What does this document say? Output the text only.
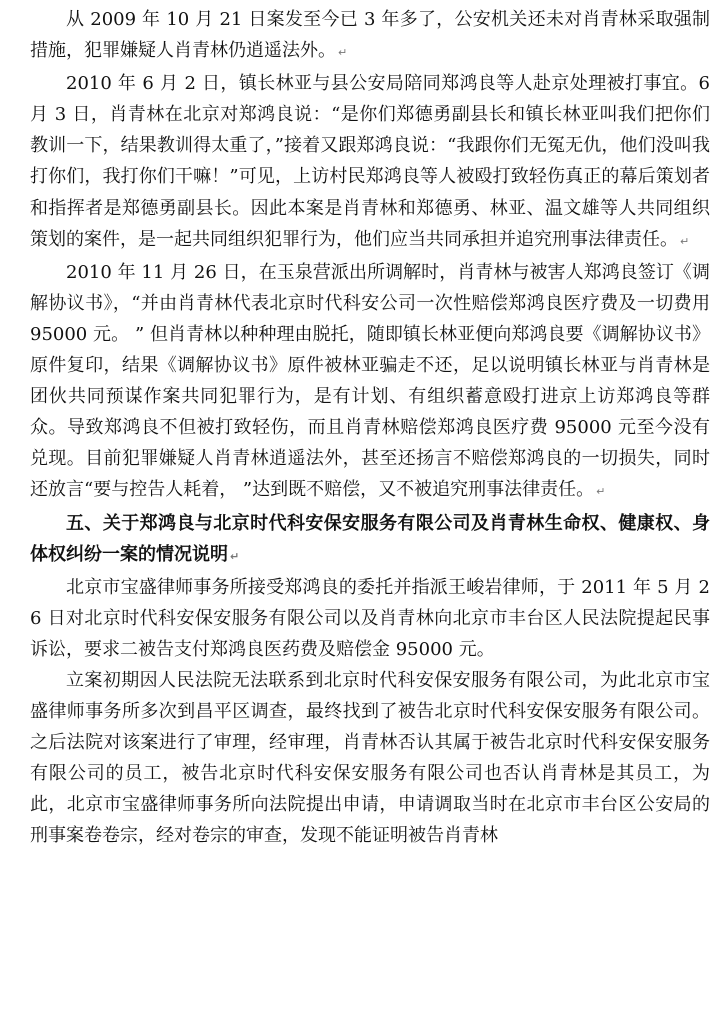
从 2009 年 10 月 21 日案发至今已 3 年多了，公安机关还未对肖青林采取强制措施，犯罪嫌疑人肖青林仍逍遥法外。 ↵

2010 年 6 月 2 日，镇长林亚与县公安局陪同郑鸿良等人赴京处理被打事宜。6 月 3 日，肖青林在北京对郑鸿良说：“是你们郑德勇副县长和镇长林亚叫我们把你们教训一下，结果教训得太重了，”接着又跟郑鸿良说：“我跟你们无冤无仇，他们没叫我打你们，我打你们干嘛！”可见，上访村民郑鸿良等人被殴打致轻伤真正的幕后策划者和指挥者是郑德勇副县长。因此本案是肖青林和郑德勇、林亚、温文雄等人共同组织策划的案件，是一起共同组织犯罪行为，他们应当共同承担并追究刑事法律责任。 ↵

2010 年 11 月 26 日，在玉泉营派出所调解时，肖青林与被害人郑鸿良签订《调解协议书》，“并由肖青林代表北京时代科安公司一次性赔偿郑鸿良医疗费及一切费用 95000 元。 ” 但肖青林以种种理由脱托，随即镇长林亚便向郑鸿良要《调解协议书》原件复印，结果《调解协议书》原件被林亚骗走不还，足以说明镇长林亚与肖青林是团伙共同预谋作案共同犯罪行为，是有计划、有组织蓄意殴打进京上访郑鸿良等群众。导致郑鸿良不但被打致轻伤，而且肖青林赔偿郑鸿良医疗费 95000 元至今没有兑现。目前犯罪嫌疑人肖青林逍遥法外，甚至还扬言不赔偿郑鸿良的一切损失，同时还放言“要与控告人耗着， ”达到既不赔偿，又不被追究刑事法律责任。 ↵

五、关于郑鸿良与北京时代科安保安服务有限公司及肖青林生命权、健康权、身体权纠纷一案的情况说明 ↵

北京市宝盛律师事务所接受郑鸿良的委托并指派王峻岩律师，于 2011 年 5 月 26 日对北京时代科安保安服务有限公司以及肖青林向北京市丰台区人民法院提起民事诉讼，要求二被告支付郑鸿良医药费及赔偿金 95000 元。

立案初期因人民法院无法联系到北京时代科安保安服务有限公司，为此北京市宝盛律师事务所多次到昌平区调查，最终找到了被告北京时代科安保安服务有限公司。之后法院对该案进行了审理，经审理，肖青林否认其属于被告北京时代科安保安服务有限公司的员工，被告北京时代科安保安服务有限公司也否认肖青林是其员工，为此，北京市宝盛律师事务所向法院提出申请，申请调取当时在北京市丰台区公安局的刑事案卷卷宗，经对卷宗的审查，发现不能证明被告肖青林
